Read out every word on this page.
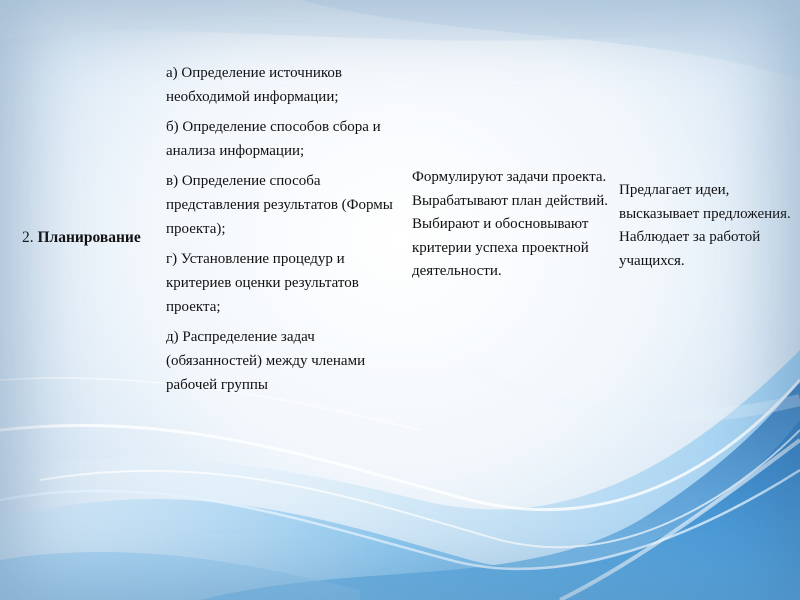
2. Планирование
а) Определение источников необходимой информации;
б) Определение способов сбора и анализа информации;
в) Определение способа представления результатов (Формы проекта);
г) Установление процедур и критериев оценки результатов проекта;
д) Распределение задач (обязанностей) между членами рабочей группы
Формулируют задачи проекта. Вырабатывают план действий. Выбирают и обосновывают критерии успеха проектной деятельности.
Предлагает идеи, высказывает предложения. Наблюдает за работой учащихся.
